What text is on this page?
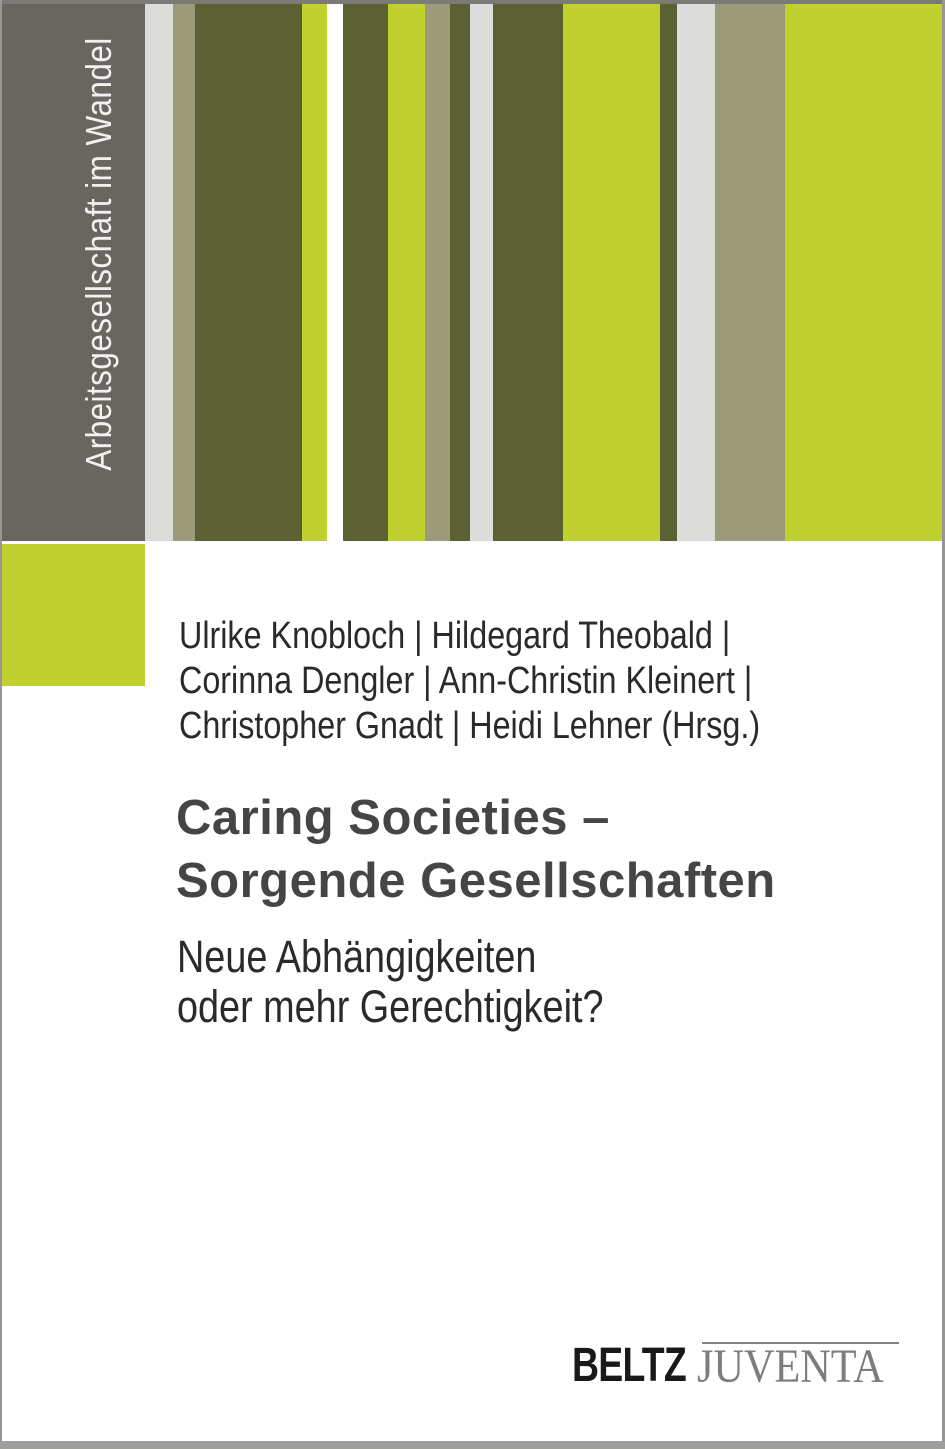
Arbeitsgesellschaft im Wandel
Ulrike Knobloch | Hildegard Theobald |
Corinna Dengler | Ann-Christin Kleinert |
Christopher Gnadt | Heidi Lehner (Hrsg.)
Caring Societies –
Sorgende Gesellschaften
Neue Abhängigkeiten
oder mehr Gerechtigkeit?
BELTZ JUVENTA
